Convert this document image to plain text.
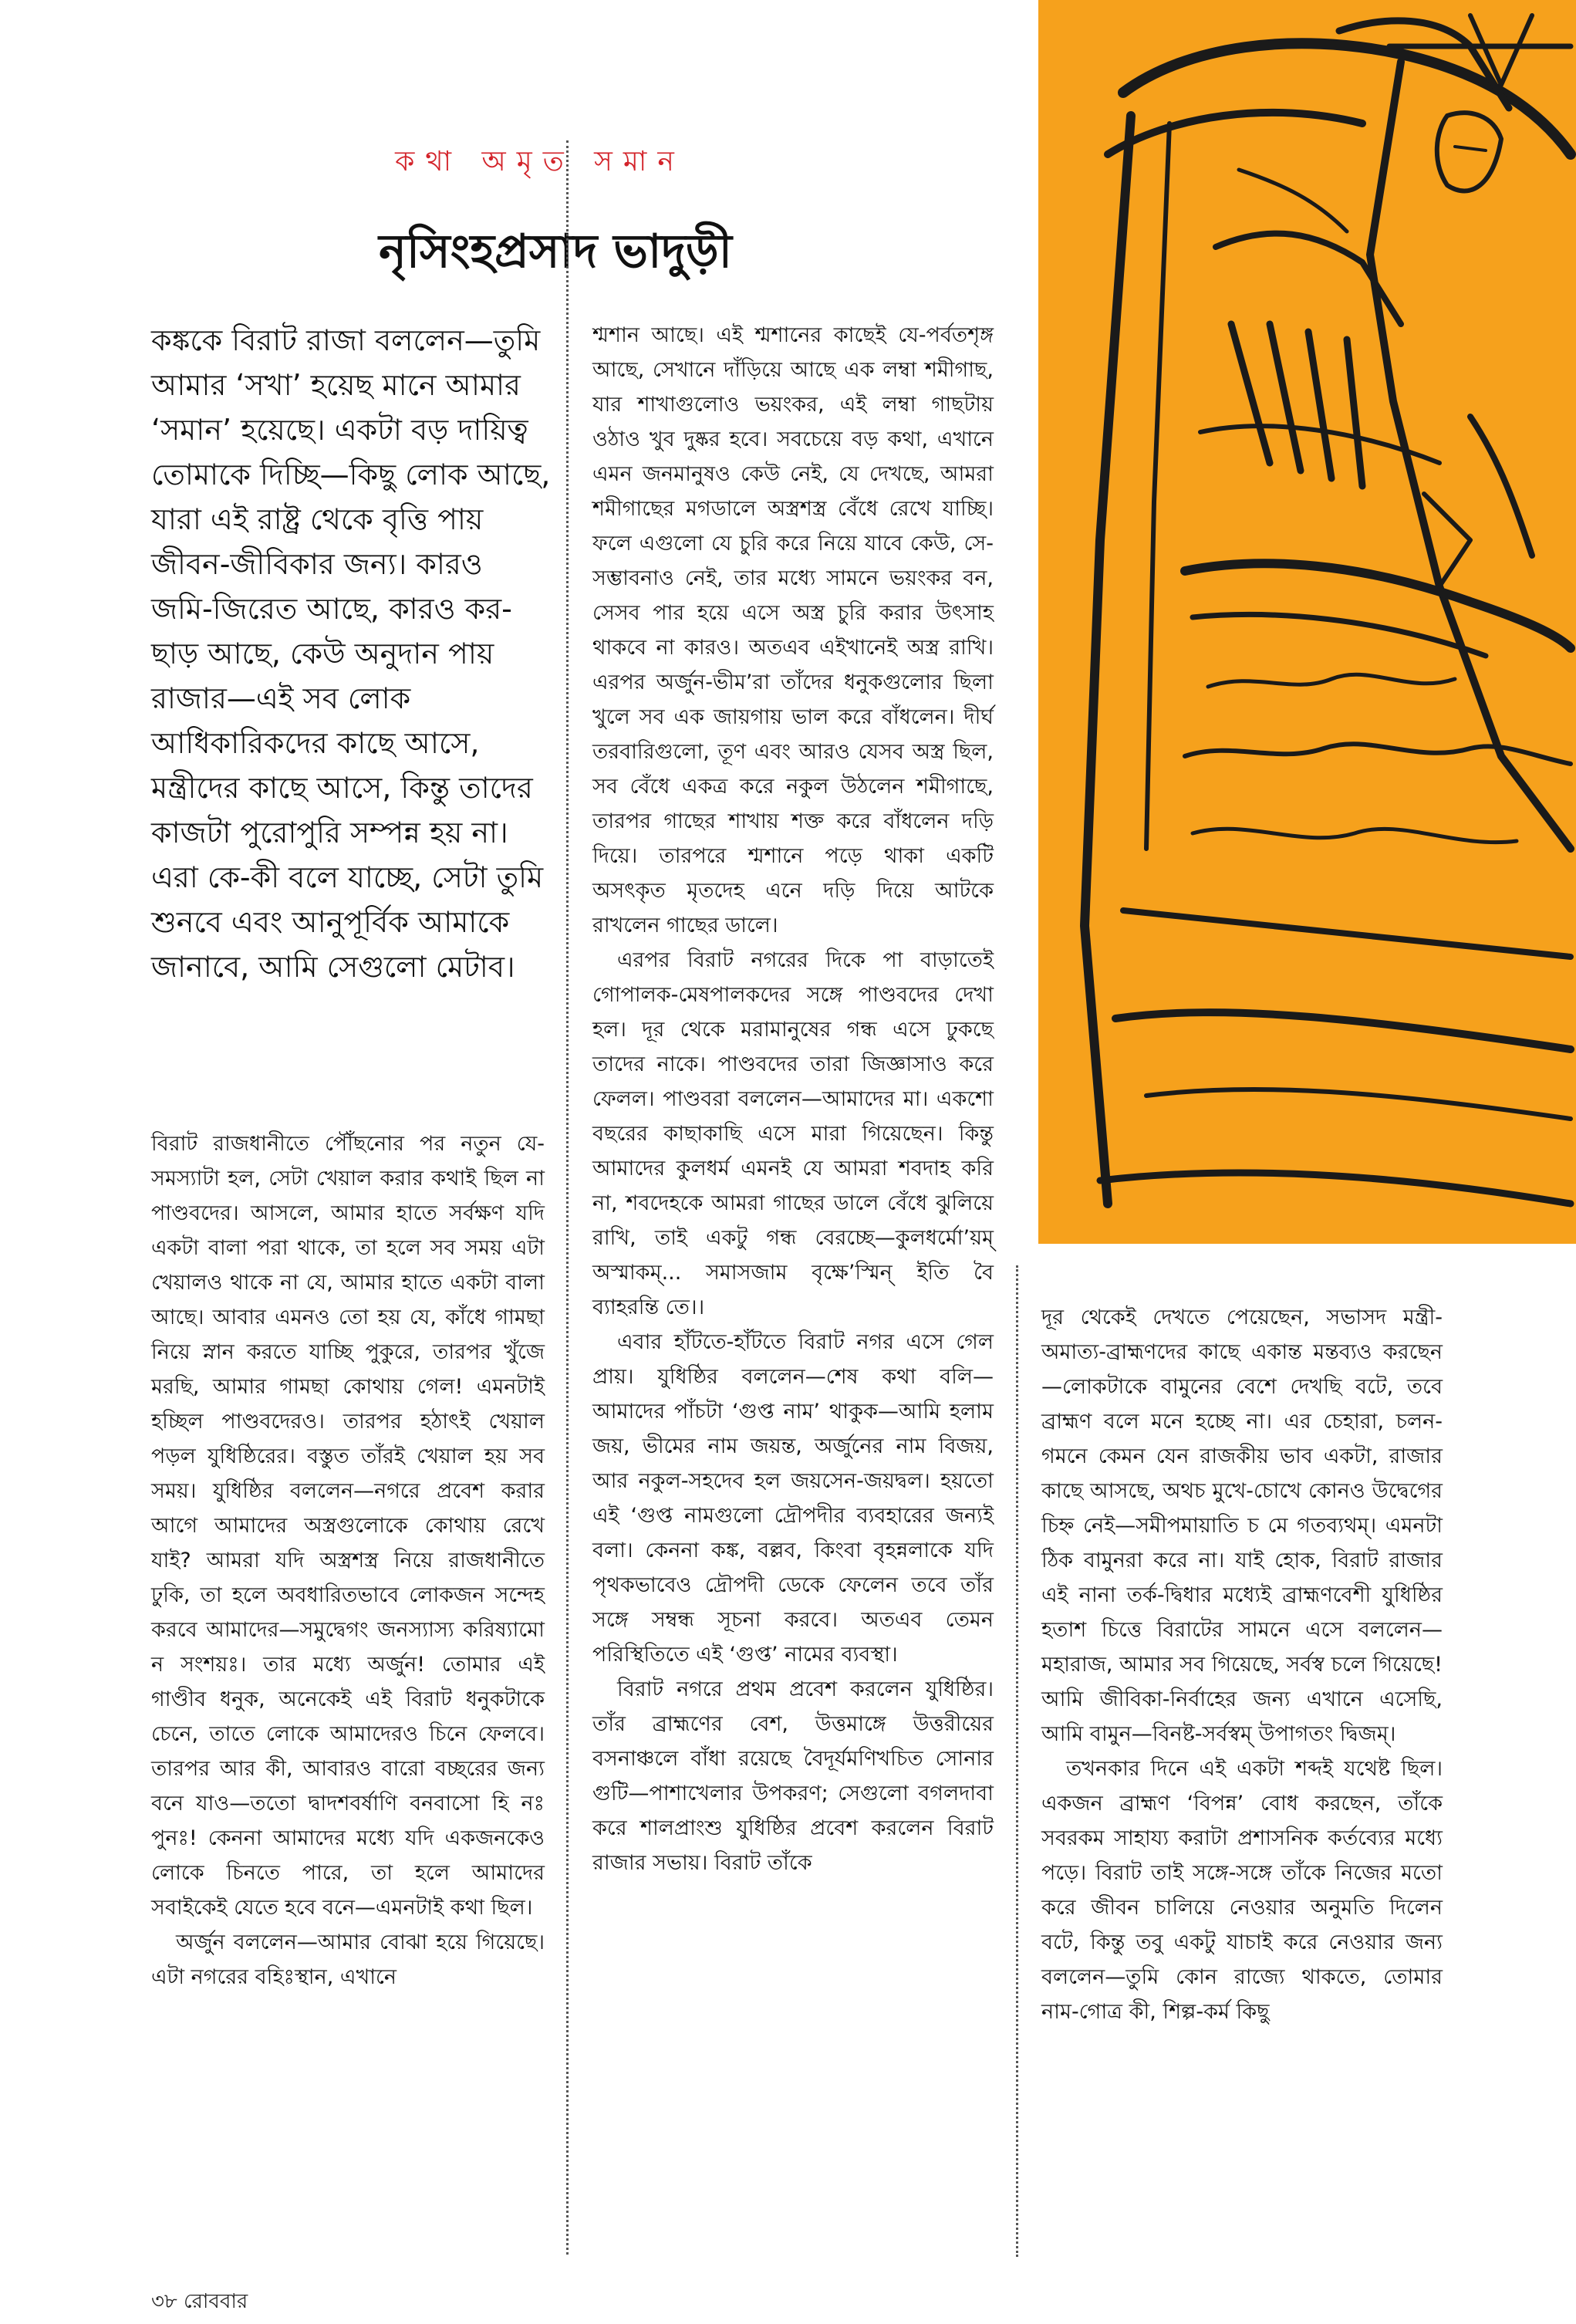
কথা অমৃত সমান
নৃসিংহপ্রসাদ ভাদুড়ী

কঙ্ককে বিরাট রাজা বললেন—তুমি আমার ‘সখা’ হয়েছ মানে আমার ‘সমান’ হয়েছে। একটা বড় দায়িত্ব তোমাকে দিচ্ছি—কিছু লোক আছে, যারা এই রাষ্ট্র থেকে বৃত্তি পায় জীবন-জীবিকার জন্য। কারও জমি-জিরেত আছে, কারও কর-ছাড় আছে, কেউ অনুদান পায় রাজার—এই সব লোক আধিকারিকদের কাছে আসে, মন্ত্রীদের কাছে আসে, কিন্তু তাদের কাজটা পুরোপুরি সম্পন্ন হয় না। এরা কে-কী বলে যাচ্ছে, সেটা তুমি শুনবে এবং আনুপূর্বিক আমাকে জানাবে, আমি সেগুলো মেটাব।

বিরাট রাজধানীতে পৌঁছনোর পর নতুন যে-সমস্যাটা হল, সেটা খেয়াল করার কথাই ছিল না পাণ্ডবদের। আসলে, আমার হাতে সর্বক্ষণ যদি একটা বালা পরা থাকে, তা হলে সব সময় এটা খেয়ালও থাকে না যে, আমার হাতে একটা বালা আছে। আবার এমনও তো হয় যে, কাঁধে গামছা নিয়ে স্নান করতে যাচ্ছি পুকুরে, তারপর খুঁজে মরছি, আমার গামছা কোথায় গেল! এমনটাই হচ্ছিল পাণ্ডবদেরও। তারপর হঠাৎই খেয়াল পড়ল যুধিষ্ঠিরের। বস্তুত তাঁরই খেয়াল হয় সব সময়। যুধিষ্ঠির বললেন—নগরে প্রবেশ করার আগে আমাদের অস্ত্রগুলোকে কোথায় রেখে যাই? আমরা যদি অস্ত্রশস্ত্র নিয়ে রাজধানীতে ঢুকি, তা হলে অবধারিতভাবে লোকজন সন্দেহ করবে আমাদের—সমুদ্বেগং জনস্যাস্য করিষ্যামো ন সংশয়ঃ। তার মধ্যে অর্জুন! তোমার এই গাণ্ডীব ধনুক, অনেকেই এই বিরাট ধনুকটাকে চেনে, তাতে লোকে আমাদেরও চিনে ফেলবে। তারপর আর কী, আবারও বারো বচ্ছরের জন্য বনে যাও—ততো দ্বাদশবর্ষাণি বনবাসো হি নঃ পুনঃ! কেননা আমাদের মধ্যে যদি একজনকেও লোকে চিনতে পারে, তা হলে আমাদের সবাইকেই যেতে হবে বনে—এমনটাই কথা ছিল।

অর্জুন বললেন—আমার বোঝা হয়ে গিয়েছে। এটা নগরের বহিঃস্থান, এখানে

শ্মশান আছে। এই শ্মশানের কাছেই যে-পর্বতশৃঙ্গ আছে, সেখানে দাঁড়িয়ে আছে এক লম্বা শমীগাছ, যার শাখাগুলোও ভয়ংকর, এই লম্বা গাছটায় ওঠাও খুব দুষ্কর হবে। সবচেয়ে বড় কথা, এখানে এমন জনমানুষও কেউ নেই, যে দেখছে, আমরা শমীগাছের মগডালে অস্ত্রশস্ত্র বেঁধে রেখে যাচ্ছি। ফলে এগুলো যে চুরি করে নিয়ে যাবে কেউ, সে-সম্ভাবনাও নেই, তার মধ্যে সামনে ভয়ংকর বন, সেসব পার হয়ে এসে অস্ত্র চুরি করার উৎসাহ থাকবে না কারও। অতএব এইখানেই অস্ত্র রাখি। এরপর অর্জুন-ভীম’রা তাঁদের ধনুকগুলোর ছিলা খুলে সব এক জায়গায় ভাল করে বাঁধলেন। দীর্ঘ তরবারিগুলো, তূণ এবং আরও যেসব অস্ত্র ছিল, সব বেঁধে একত্র করে নকুল উঠলেন শমীগাছে, তারপর গাছের শাখায় শক্ত করে বাঁধলেন দড়ি দিয়ে। তারপরে শ্মশানে পড়ে থাকা একটি অসৎকৃত মৃতদেহ এনে দড়ি দিয়ে আটকে রাখলেন গাছের ডালে।

এরপর বিরাট নগরের দিকে পা বাড়াতেই গোপালক-মেষপালকদের সঙ্গে পাণ্ডবদের দেখা হল। দূর থেকে মরামানুষের গন্ধ এসে ঢুকছে তাদের নাকে। পাণ্ডবদের তারা জিজ্ঞাসাও করে ফেলল। পাণ্ডবরা বললেন—আমাদের মা। একশো বছরের কাছাকাছি এসে মারা গিয়েছেন। কিন্তু আমাদের কুলধর্ম এমনই যে আমরা শবদাহ করি না, শবদেহকে আমরা গাছের ডালে বেঁধে ঝুলিয়ে রাখি, তাই একটু গন্ধ বেরচ্ছে—কুলধর্মো’য়ম্ অস্মাকম্... সমাসজাম বৃক্ষে’স্মিন্ ইতি বৈ ব্যাহরন্তি তে।।

এবার হাঁটতে-হাঁটতে বিরাট নগর এসে গেল প্রায়। যুধিষ্ঠির বললেন—শেষ কথা বলি—আমাদের পাঁচটা ‘গুপ্ত নাম’ থাকুক—আমি হলাম জয়, ভীমের নাম জয়ন্ত, অর্জুনের নাম বিজয়, আর নকুল-সহদেব হল জয়সেন-জয়দ্বল। হয়তো এই ‘গুপ্ত নামগুলো দ্রৌপদীর ব্যবহারের জন্যই বলা। কেননা কঙ্ক, বল্লব, কিংবা বৃহন্নলাকে যদি পৃথকভাবেও দ্রৌপদী ডেকে ফেলেন তবে তাঁর সঙ্গে সম্বন্ধ সূচনা করবে। অতএব তেমন পরিস্থিতিতে এই ‘গুপ্ত’ নামের ব্যবস্থা।

বিরাট নগরে প্রথম প্রবেশ করলেন যুধিষ্ঠির। তাঁর ব্রাহ্মণের বেশ, উত্তমাঙ্গে উত্তরীয়ের বসনাঞ্চলে বাঁধা রয়েছে বৈদূর্যমণিখচিত সোনার গুটি—পাশাখেলার উপকরণ; সেগুলো বগলদাবা করে শালপ্রাংশু যুধিষ্ঠির প্রবেশ করলেন বিরাট রাজার সভায়। বিরাট তাঁকে

দূর থেকেই দেখতে পেয়েছেন, সভাসদ মন্ত্রী-অমাত্য-ব্রাহ্মণদের কাছে একান্ত মন্তব্যও করছেন—লোকটাকে বামুনের বেশে দেখছি বটে, তবে ব্রাহ্মণ বলে মনে হচ্ছে না। এর চেহারা, চলন-গমনে কেমন যেন রাজকীয় ভাব একটা, রাজার কাছে আসছে, অথচ মুখে-চোখে কোনও উদ্বেগের চিহ্ন নেই—সমীপমায়াতি চ মে গতব্যথম্। এমনটা ঠিক বামুনরা করে না। যাই হোক, বিরাট রাজার এই নানা তর্ক-দ্বিধার মধ্যেই ব্রাহ্মণবেশী যুধিষ্ঠির হতাশ চিত্তে বিরাটের সামনে এসে বললেন—মহারাজ, আমার সব গিয়েছে, সর্বস্ব চলে গিয়েছে! আমি জীবিকা-নির্বাহের জন্য এখানে এসেছি, আমি বামুন—বিনষ্ট-সর্বস্বম্ উপাগতং দ্বিজম্।

তখনকার দিনে এই একটা শব্দই যথেষ্ট ছিল। একজন ব্রাহ্মণ ‘বিপন্ন’ বোধ করছেন, তাঁকে সবরকম সাহায্য করাটা প্রশাসনিক কর্তব্যের মধ্যে পড়ে। বিরাট তাই সঙ্গে-সঙ্গে তাঁকে নিজের মতো করে জীবন চালিয়ে নেওয়ার অনুমতি দিলেন বটে, কিন্তু তবু একটু যাচাই করে নেওয়ার জন্য বললেন—তুমি কোন রাজ্যে থাকতে, তোমার নাম-গোত্র কী, শিল্প-কর্ম কিছু

৩৮ রোববার
